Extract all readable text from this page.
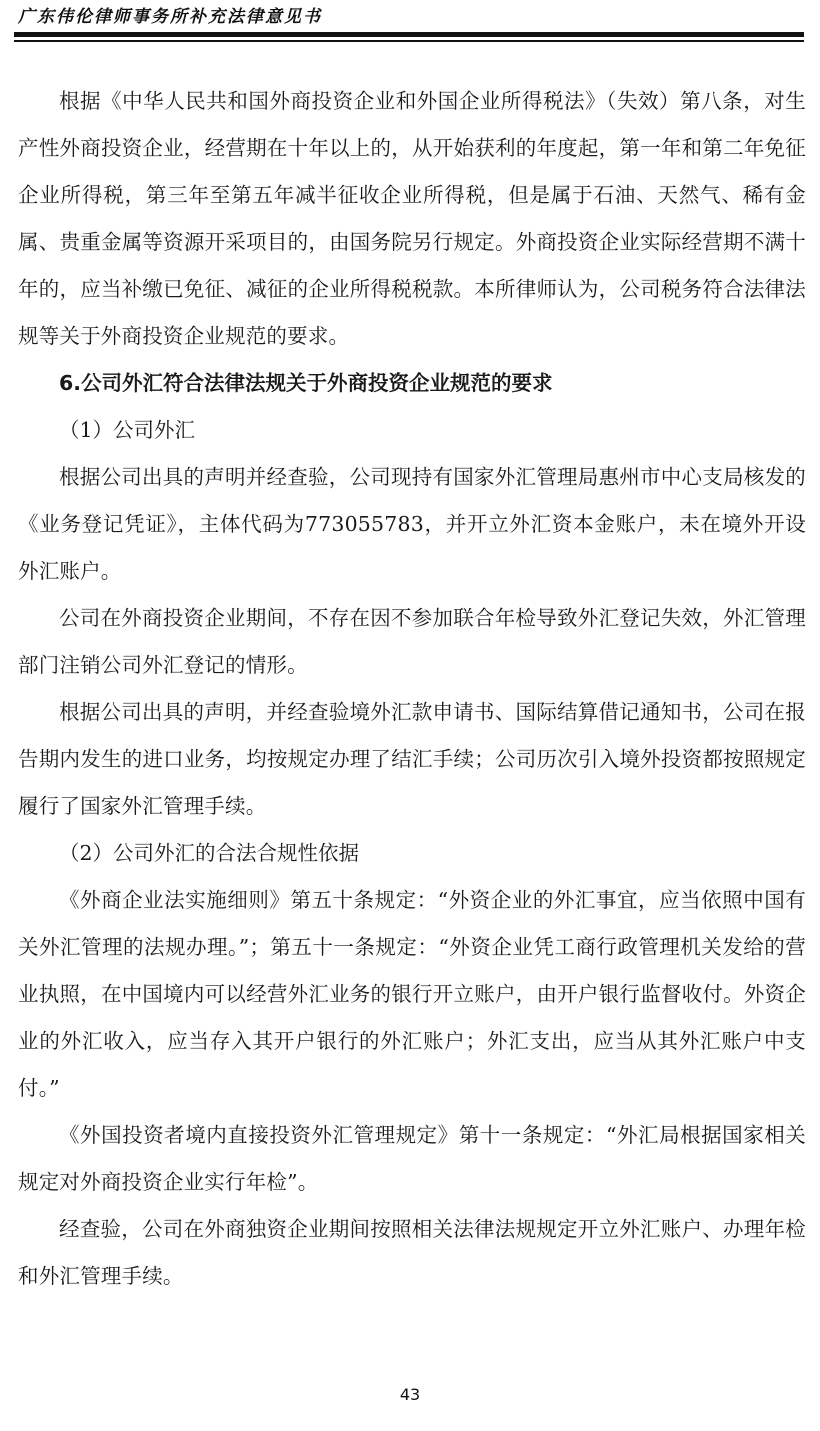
广东伟伦律师事务所补充法律意见书

根据《中华人民共和国外商投资企业和外国企业所得税法》（失效）第八条，对生产性外商投资企业，经营期在十年以上的，从开始获利的年度起，第一年和第二年免征企业所得税，第三年至第五年减半征收企业所得税，但是属于石油、天然气、稀有金属、贵重金属等资源开采项目的，由国务院另行规定。外商投资企业实际经营期不满十年的，应当补缴已免征、减征的企业所得税税款。本所律师认为，公司税务符合法律法规等关于外商投资企业规范的要求。

6.公司外汇符合法律法规关于外商投资企业规范的要求

（1）公司外汇

根据公司出具的声明并经查验，公司现持有国家外汇管理局惠州市中心支局核发的《业务登记凭证》，主体代码为773055783，并开立外汇资本金账户，未在境外开设外汇账户。

公司在外商投资企业期间，不存在因不参加联合年检导致外汇登记失效，外汇管理部门注销公司外汇登记的情形。

根据公司出具的声明，并经查验境外汇款申请书、国际结算借记通知书，公司在报告期内发生的进口业务，均按规定办理了结汇手续；公司历次引入境外投资都按照规定履行了国家外汇管理手续。

（2）公司外汇的合法合规性依据

《外商企业法实施细则》第五十条规定：“外资企业的外汇事宜，应当依照中国有关外汇管理的法规办理。”；第五十一条规定：“外资企业凭工商行政管理机关发给的营业执照，在中国境内可以经营外汇业务的银行开立账户，由开户银行监督收付。外资企业的外汇收入，应当存入其开户银行的外汇账户；外汇支出，应当从其外汇账户中支付。”

《外国投资者境内直接投资外汇管理规定》第十一条规定：“外汇局根据国家相关规定对外商投资企业实行年检”。

经查验，公司在外商独资企业期间按照相关法律法规规定开立外汇账户、办理年检和外汇管理手续。

43
